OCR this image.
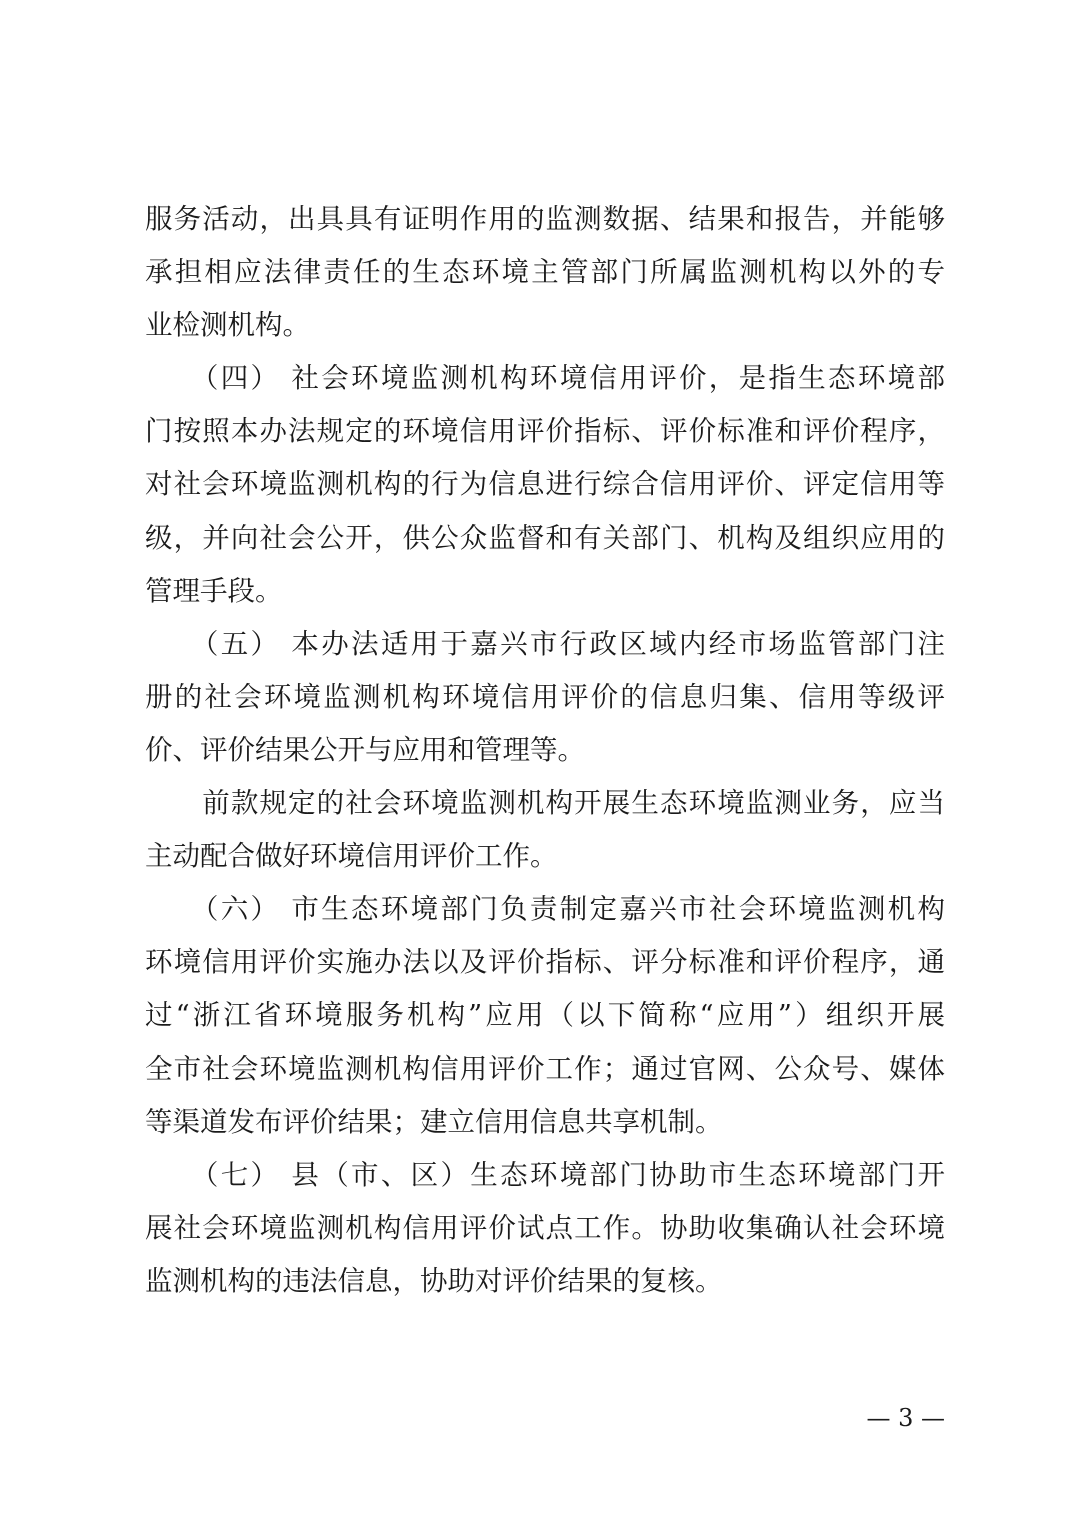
服务活动，出具具有证明作用的监测数据、结果和报告，并能够
承担相应法律责任的生态环境主管部门所属监测机构以外的专
业检测机构。
　　（四） 社会环境监测机构环境信用评价，是指生态环境部
门按照本办法规定的环境信用评价指标、评价标准和评价程序，
对社会环境监测机构的行为信息进行综合信用评价、评定信用等
级，并向社会公开，供公众监督和有关部门、机构及组织应用的
管理手段。
　　（五） 本办法适用于嘉兴市行政区域内经市场监管部门注
册的社会环境监测机构环境信用评价的信息归集、信用等级评
价、评价结果公开与应用和管理等。
　　前款规定的社会环境监测机构开展生态环境监测业务，应当
主动配合做好环境信用评价工作。
　　（六） 市生态环境部门负责制定嘉兴市社会环境监测机构
环境信用评价实施办法以及评价指标、评分标准和评价程序，通
过“浙江省环境服务机构”应用（以下简称“应用”）组织开展
全市社会环境监测机构信用评价工作；通过官网、公众号、媒体
等渠道发布评价结果；建立信用信息共享机制。
　　（七） 县（市、区）生态环境部门协助市生态环境部门开
展社会环境监测机构信用评价试点工作。协助收集确认社会环境
监测机构的违法信息，协助对评价结果的复核。
— 3 —
